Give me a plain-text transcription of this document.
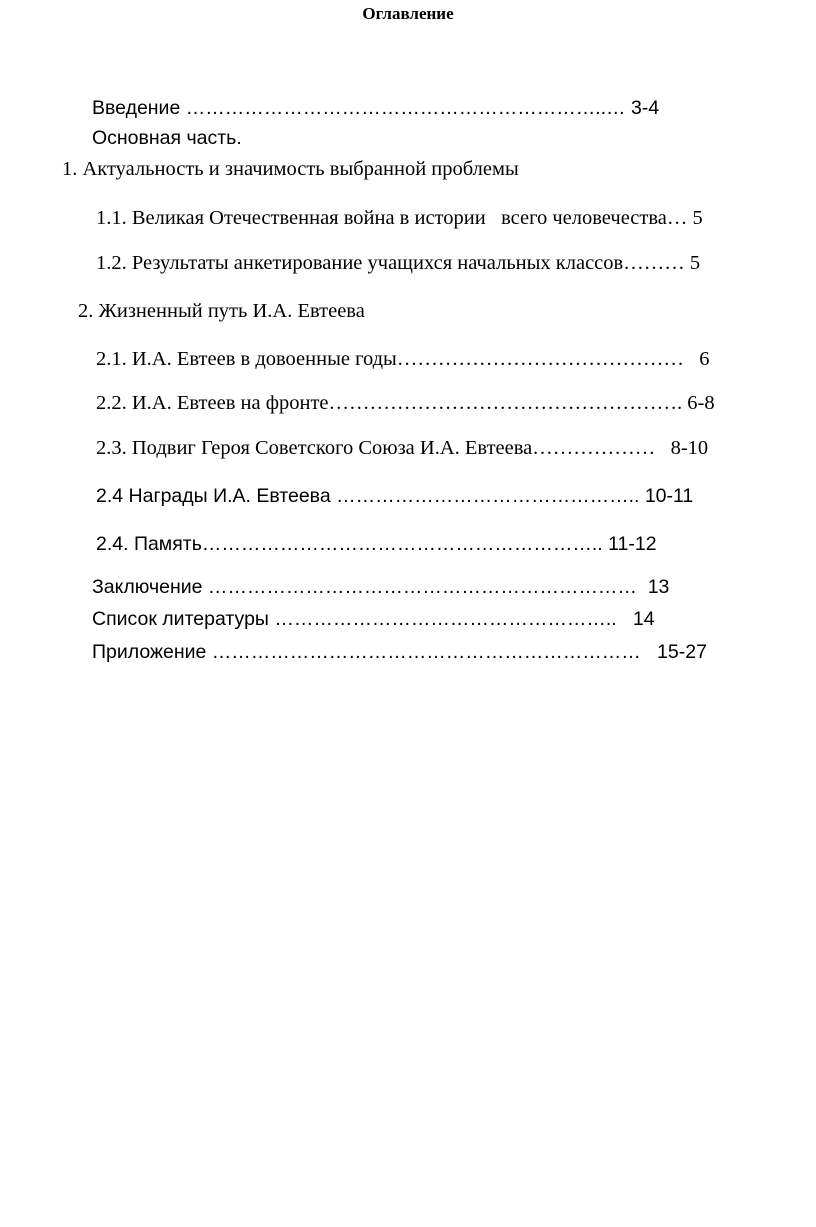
Оглавление
Введение ………………………………………………………..… 3-4
Основная часть.
1. Актуальность и значимость выбранной проблемы
1.1. Великая Отечественная война в истории   всего человечества… 5
1.2. Результаты анкетирование учащихся начальных классов……… 5
2. Жизненный путь И.А. Евтеева
2.1. И.А. Евтеев в довоенные годы……………………………………   6
2.2. И.А. Евтеев на фронте……………………………………………. 6-8
2.3. Подвиг Героя Советского Союза И.А. Евтеева………………   8-10
2.4 Награды И.А. Евтеева ……………………………………….. 10-11
2.4. Память…………………………………………………….. 11-12
Заключение …………………………………………………………  13
Список литературы ……………………………………………..   14
Приложение …………………………………………………………   15-27
